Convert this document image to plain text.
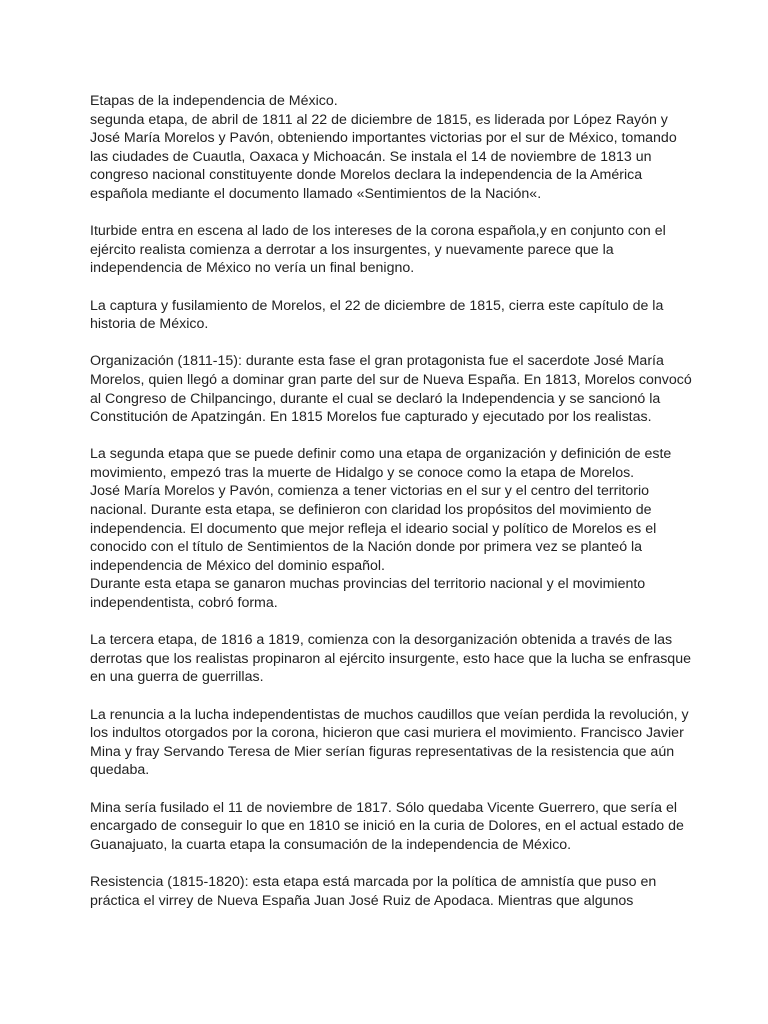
Etapas de la independencia de México.
segunda etapa, de abril de 1811 al 22 de diciembre de 1815, es liderada por López Rayón y
José María Morelos y Pavón, obteniendo importantes victorias por el sur de México, tomando
las ciudades de Cuautla, Oaxaca y Michoacán. Se instala el 14 de noviembre de 1813 un
congreso nacional constituyente donde Morelos declara la independencia de la América
española mediante el documento llamado «Sentimientos de la Nación«.
Iturbide entra en escena al lado de los intereses de la corona española,y en conjunto con el
ejército realista comienza a derrotar a los insurgentes, y nuevamente parece que la
independencia de México no vería un final benigno.
La captura y fusilamiento de Morelos, el 22 de diciembre de 1815, cierra este capítulo de la
historia de México.
Organización (1811-15): durante esta fase el gran protagonista fue el sacerdote José María
Morelos, quien llegó a dominar gran parte del sur de Nueva España. En 1813, Morelos convocó
al Congreso de Chilpancingo, durante el cual se declaró la Independencia y se sancionó la
Constitución de Apatzingán. En 1815 Morelos fue capturado y ejecutado por los realistas.
La segunda etapa que se puede definir como una etapa de organización y definición de este
movimiento, empezó tras la muerte de Hidalgo y se conoce como la etapa de Morelos.
José María Morelos y Pavón, comienza a tener victorias en el sur y el centro del territorio
nacional. Durante esta etapa, se definieron con claridad los propósitos del movimiento de
independencia. El documento que mejor refleja el ideario social y político de Morelos es el
conocido con el título de Sentimientos de la Nación donde por primera vez se planteó la
independencia de México del dominio español.
Durante esta etapa se ganaron muchas provincias del territorio nacional y el movimiento
independentista, cobró forma.
La tercera etapa, de 1816 a 1819, comienza con la desorganización obtenida a través de las
derrotas que los realistas propinaron al ejército insurgente, esto hace que la lucha se enfrasque
en una guerra de guerrillas.
La renuncia a la lucha independentistas de muchos caudillos que veían perdida la revolución, y
los indultos otorgados por la corona, hicieron que casi muriera el movimiento. Francisco Javier
Mina y fray Servando Teresa de Mier serían figuras representativas de la resistencia que aún
quedaba.
Mina sería fusilado el 11 de noviembre de 1817. Sólo quedaba Vicente Guerrero, que sería el
encargado de conseguir lo que en 1810 se inició en la curia de Dolores, en el actual estado de
Guanajuato, la cuarta etapa la consumación de la independencia de México.
Resistencia (1815-1820): esta etapa está marcada por la política de amnistía que puso en
práctica el virrey de Nueva España Juan José Ruiz de Apodaca. Mientras que algunos
